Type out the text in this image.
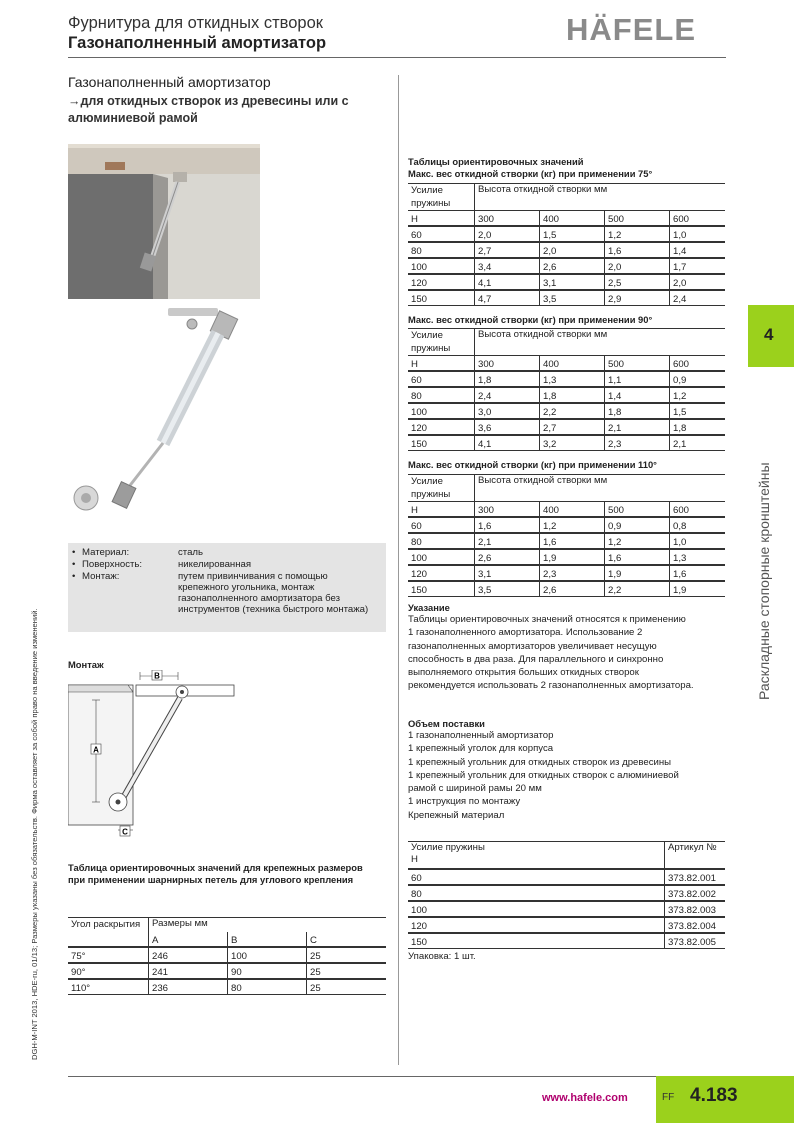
Фурнитура для откидных створок
Газонаполненный амортизатор	HÄFELE
Газонаполненный амортизатор
→для откидных створок из древесины или с алюминиевой рамой
• Материал:	сталь
• Поверхность:	никелированная
• Монтаж:	путем привинчивания с помощью крепежного угольника, монтаж газонаполненного амортизатора без инструментов (техника быстрого монтажа)
Монтаж
B
A
C
Таблица ориентировочных значений для крепежных размеров
при применении шарнирных петель для углового крепления
Угол раскрытия	Размеры мм		
	A	B	C
75°	246	100	25
90°	241	90	25
110°	236	80	25
Таблицы ориентировочных значений
Макс. вес откидной створки (кг) при применении 75°
Усилие пружины	Высота откидной створки мм			

Н	300	400	500	600
60	2,0	1,5	1,2	1,0
80	2,7	2,0	1,6	1,4
100	3,4	2,6	2,0	1,7
120	4,1	3,1	2,5	2,0
150	4,7	3,5	2,9	2,4
Макс. вес откидной створки (кг) при применении 90°
Усилие пружины	Высота откидной створки мм			

Н	300	400	500	600
60	1,8	1,3	1,1	0,9
80	2,4	1,8	1,4	1,2
100	3,0	2,2	1,8	1,5
120	3,6	2,7	2,1	1,8
150	4,1	3,2	2,3	2,1
Макс. вес откидной створки (кг) при применении 110°
Усилие пружины	Высота откидной створки мм			

Н	300	400	500	600
60	1,6	1,2	0,9	0,8
80	2,1	1,6	1,2	1,0
100	2,6	1,9	1,6	1,3
120	3,1	2,3	1,9	1,6
150	3,5	2,6	2,2	1,9
Указание
Таблицы ориентировочных значений относятся к применению
1 газонаполненного амортизатора. Использование 2
газонаполненных амортизаторов увеличивает несущую
способность в два раза. Для параллельного и синхронно
выполняемого открытия больших откидных створок
рекомендуется использовать 2 газонаполненных амортизатора.
Объем поставки
1 газонаполненный амортизатор
1 крепежный уголок для корпуса
1 крепежный угольник для откидных створок из древесины
1 крепежный угольник для откидных створок с алюминиевой
рамой с шириной рамы 20 мм
1 инструкция по монтажу
Крепежный материал
Усилие пружины
Н	Артикул №
60	373.82.001
80	373.82.002
100	373.82.003
120	373.82.004
150	373.82.005
Упаковка: 1 шт.
4
Раскладные стопорные кронштейны
DGH-M-INT 2013, HDE-ru, 01/13; Размеры указаны без обязательств. Фирма оставляет за собой право на введение изменений.
www.hafele.com	FF 4.183
